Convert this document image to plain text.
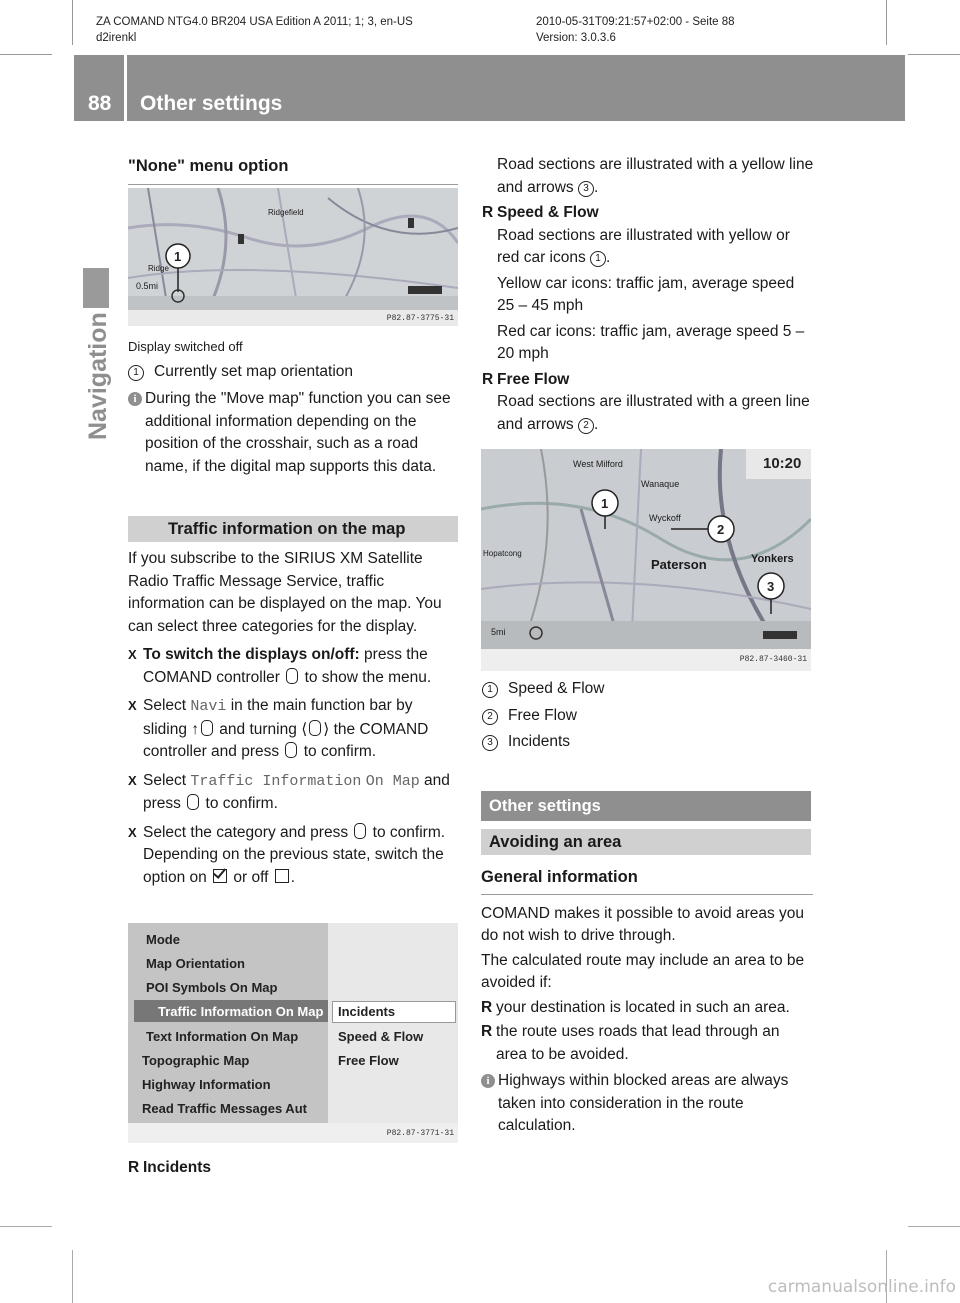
ZA COMAND NTG4.0 BR204 USA Edition A 2011; 1; 3, en-US
d2irenkl
2010-05-31T09:21:57+02:00 - Seite 88
Version: 3.0.3.6
88 Other settings
Navigation
"None" menu option
1
0.5mi
Ridgefield
Ridge
P82.87-3775-31
Display switched off
1 Currently set map orientation
i During the "Move map" function you can see additional information depending on the position of the crosshair, such as a road name, if the digital map supports this data.
Traffic information on the map
If you subscribe to the SIRIUS XM Satellite Radio Traffic Message Service, traffic information can be displayed on the map. You can select three categories for the display.
X To switch the displays on/off: press the COMAND controller  to show the menu.
X Select Navi in the main function bar by sliding ↑ and turning ⟨ ⟩ the COMAND controller and press  to confirm.
X Select Traffic Information On Map and press  to confirm.
X Select the category and press  to confirm.
Depending on the previous state, switch the option on  or off .
Mode
Map Orientation
POI Symbols On Map
Traffic Information On Map
Text Information On Map
Topographic Map
Highway Information
Read Traffic Messages Aut
Incidents
Speed & Flow
Free Flow
P82.87-3771-31
R Incidents
Road sections are illustrated with a yellow line and arrows 3 .
R Speed & Flow
Road sections are illustrated with yellow or red car icons 1 .
Yellow car icons: traffic jam, average speed 25 – 45 mph
Red car icons: traffic jam, average speed 5 – 20 mph
R Free Flow
Road sections are illustrated with a green line and arrows 2 .
1
2
3
10:20
West Milford
Wanaque
Wyckoff
Paterson	Yonkers
Hopatcong
5mi
P82.87-3460-31
1 Speed & Flow
2 Free Flow
3 Incidents
Other settings
Avoiding an area
General information
COMAND makes it possible to avoid areas you do not wish to drive through.
The calculated route may include an area to be avoided if:
R your destination is located in such an area.
R the route uses roads that lead through an area to be avoided.
i Highways within blocked areas are always taken into consideration in the route calculation.
carmanualsonline.info
